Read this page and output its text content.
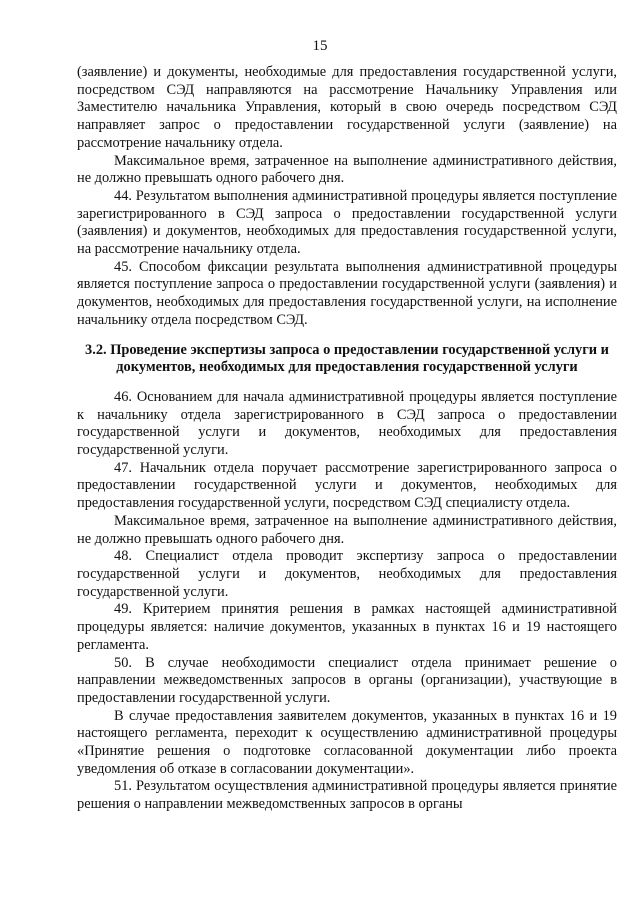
15

(заявление) и документы, необходимые для предоставления государственной услуги, посредством СЭД направляются на рассмотрение Начальнику Управления или Заместителю начальника Управления, который в свою очередь посредством СЭД направляет запрос о предоставлении государственной услуги (заявление) на рассмотрение начальнику отдела.

Максимальное время, затраченное на выполнение административного действия, не должно превышать одного рабочего дня.

44. Результатом выполнения административной процедуры является поступление зарегистрированного в СЭД запроса о предоставлении государственной услуги (заявления) и документов, необходимых для предоставления государственной услуги, на рассмотрение начальнику отдела.

45. Способом фиксации результата выполнения административной процедуры является поступление запроса о предоставлении государственной услуги (заявления) и документов, необходимых для предоставления государственной услуги, на исполнение начальнику отдела посредством СЭД.

3.2. Проведение экспертизы запроса о предоставлении государственной услуги и документов, необходимых для предоставления государственной услуги

46. Основанием для начала административной процедуры является поступление к начальнику отдела зарегистрированного в СЭД запроса о предоставлении государственной услуги и документов, необходимых для предоставления государственной услуги.

47. Начальник отдела поручает рассмотрение зарегистрированного запроса о предоставлении государственной услуги и документов, необходимых для предоставления государственной услуги, посредством СЭД специалисту отдела.

Максимальное время, затраченное на выполнение административного действия, не должно превышать одного рабочего дня.

48. Специалист отдела проводит экспертизу запроса о предоставлении государственной услуги и документов, необходимых для предоставления государственной услуги.

49. Критерием принятия решения в рамках настоящей административной процедуры является: наличие документов, указанных в пунктах 16 и 19 настоящего регламента.

50. В случае необходимости специалист отдела принимает решение о направлении межведомственных запросов в органы (организации), участвующие в предоставлении государственной услуги.

В случае предоставления заявителем документов, указанных в пунктах 16 и 19 настоящего регламента, переходит к осуществлению административной процедуры «Принятие решения о подготовке согласованной документации либо проекта уведомления об отказе в согласовании документации».

51. Результатом осуществления административной процедуры является принятие решения о направлении межведомственных запросов в органы
